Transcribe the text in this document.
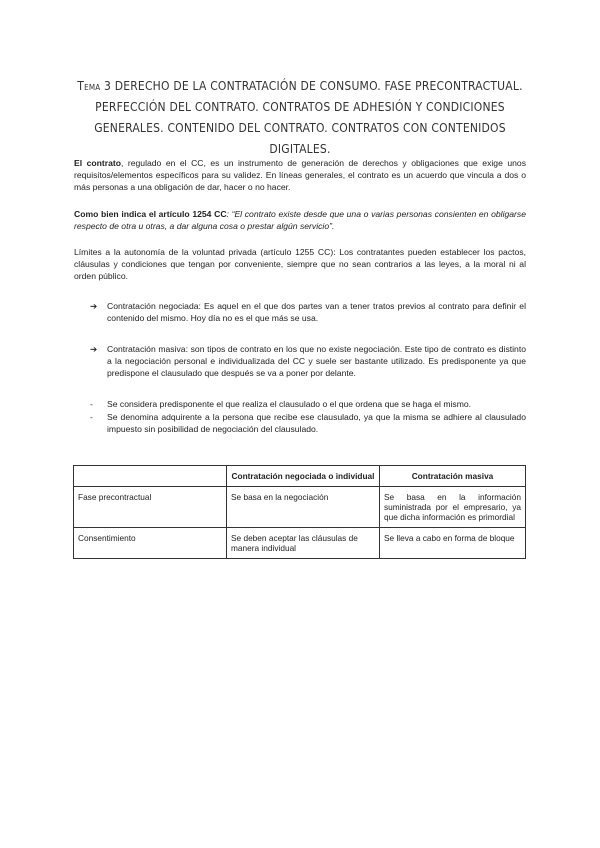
Tema 3 DERECHO DE LA CONTRATACIÓN DE CONSUMO. FASE PRECONTRACTUAL. PERFECCIÓN DEL CONTRATO. CONTRATOS DE ADHESIÓN Y CONDICIONES GENERALES. CONTENIDO DEL CONTRATO. CONTRATOS CON CONTENIDOS DIGITALES.
El contrato, regulado en el CC, es un instrumento de generación de derechos y obligaciones que exige unos requisitos/elementos específicos para su validez. En líneas generales, el contrato es un acuerdo que vincula a dos o más personas a una obligación de dar, hacer o no hacer.
Como bien indica el artículo 1254 CC: “El contrato existe desde que una o varias personas consienten en obligarse respecto de otra u otras, a dar alguna cosa o prestar algún servicio”.
Límites a la autonomía de la voluntad privada (artículo 1255 CC): Los contratantes pueden establecer los pactos, cláusulas y condiciones que tengan por conveniente, siempre que no sean contrarios a las leyes, a la moral ni al orden público.
➔ Contratación negociada: Es aquel en el que dos partes van a tener tratos previos al contrato para definir el contenido del mismo. Hoy día no es el que más se usa.
➔ Contratación masiva: son tipos de contrato en los que no existe negociación. Este tipo de contrato es distinto a la negociación personal e individualizada del CC y suele ser bastante utilizado. Es predisponente ya que predispone el clausulado que después se va a poner por delante.
- Se considera predisponente el que realiza el clausulado o el que ordena que se haga el mismo.
- Se denomina adquirente a la persona que recibe ese clausulado, ya que la misma se adhiere al clausulado impuesto sin posibilidad de negociación del clausulado.
	Contratación negociada o individual	Contratación masiva
Fase precontractual	Se basa en la negociación	Se basa en la información suministrada por el empresario, ya que dicha información es primordial
Consentimiento	Se deben aceptar las cláusulas de manera individual	Se lleva a cabo en forma de bloque
